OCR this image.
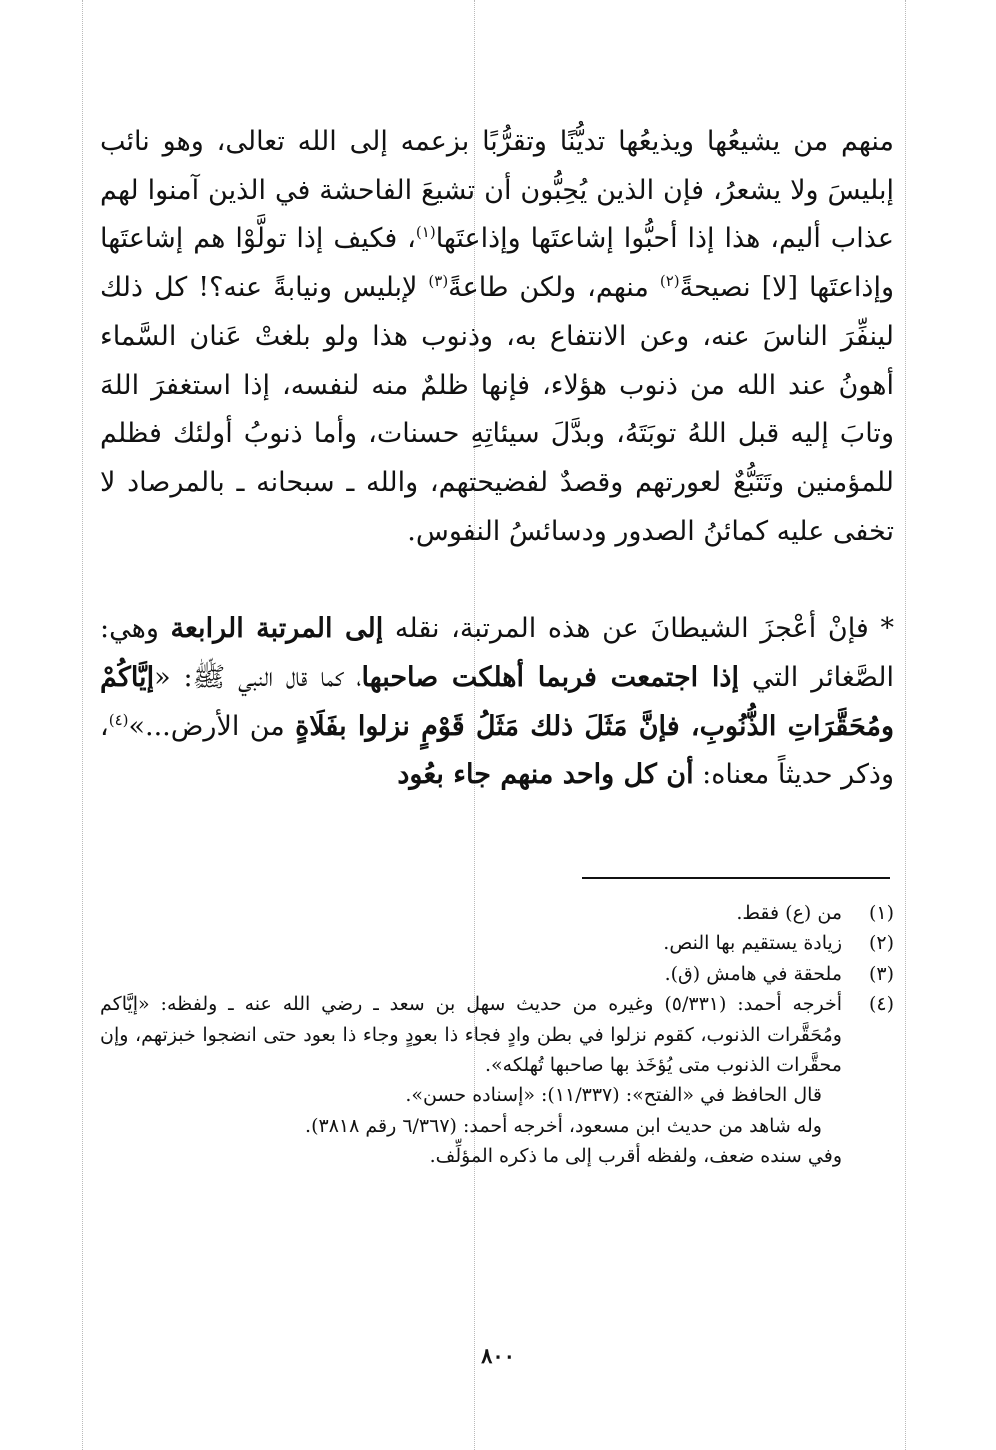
منهم من يشيعُها ويذيعُها تديُّنًا وتقرُّبًا بزعمه إلى الله تعالى، وهو نائب إبليسَ ولا يشعرُ، فإن الذين يُحِبُّون أن تشيعَ الفاحشة في الذين آمنوا لهم عذاب أليم، هذا إذا أحبُّوا إشاعتَها وإذاعتَها$^{(١)}$، فكيف إذا تولَّوْا هم إشاعتَها وإذاعتَها [لا] نصيحةً$^{(٢)}$ منهم، ولكن طاعةً$^{(٣)}$ لإبليس ونيابةً عنه؟! كل ذلك لينفِّرَ الناسَ عنه، وعن الانتفاع به، وذنوب هذا ولو بلغتْ عَنان السَّماء أهونُ عند الله من ذنوب هؤلاء، فإنها ظلمٌ منه لنفسه، إذا استغفرَ اللهَ وتابَ إليه قبل اللهُ توبَتَهُ، وبدَّلَ سيئاتِهِ حسنات، وأما ذنوبُ أولئك فظلم للمؤمنين وتَتَبُّعٌ لعورتهم وقصدٌ لفضيحتهم، والله ـ سبحانه ـ بالمرصاد لا تخفى عليه كمائنُ الصدور ودسائسُ النفوس.

* فإنْ أعْجزَ الشيطانَ عن هذه المرتبة، نقله إلى المرتبة الرابعة وهي: الصَّغائر التي إذا اجتمعت فربما أهلكت صاحبها، كما قال النبي ﷺ: «إيَّاكُمْ ومُحَقَّرَاتِ الذُّنُوبِ، فإنَّ مَثَلَ ذلك مَثَلُ قَوْمٍ نزلوا بفَلَاةٍ من الأرض...»$^{(٤)}$، وذكر حديثاً معناه: أن كل واحد منهم جاء بعُود

(١)
من (ع) فقط.
(٢)
زيادة يستقيم بها النص.
(٣)
ملحقة في هامش (ق).
(٤)
أخرجه أحمد: (٥/٣٣١) وغيره من حديث سهل بن سعد ـ رضي الله عنه ـ ولفظه: «إيَّاكم ومُحَقَّرات الذنوب، كقوم نزلوا في بطن وادٍ فجاء ذا بعودٍ وجاء ذا بعود حتى انضجوا خبزتهم، وإن محقَّرات الذنوب متى يُؤخَذ بها صاحبها تُهلكه».
قال الحافظ في «الفتح»: (١١/٣٣٧): «إسناده حسن».
وله شاهد من حديث ابن مسعود، أخرجه أحمد: (٦/٣٦٧ رقم ٣٨١٨).
وفي سنده ضعف، ولفظه أقرب إلى ما ذكره المؤلِّف.
٨٠٠
